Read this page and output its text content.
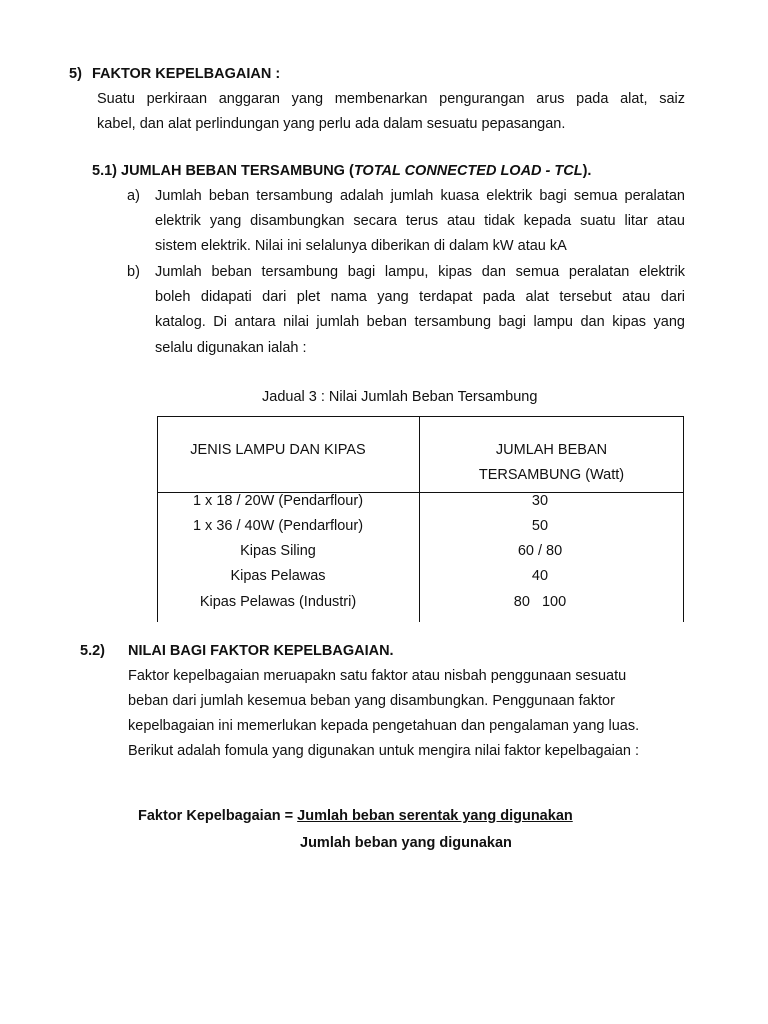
5) FAKTOR KEPELBAGAIAN :
Suatu perkiraan anggaran yang membenarkan pengurangan arus pada alat, saiz
kabel, dan alat perlindungan yang perlu ada dalam sesuatu pepasangan.
5.1) JUMLAH BEBAN TERSAMBUNG (TOTAL CONNECTED LOAD - TCL).
a) Jumlah beban tersambung adalah jumlah kuasa elektrik bagi semua peralatan
elektrik yang disambungkan secara terus atau tidak kepada suatu litar atau
sistem elektrik. Nilai ini selalunya diberikan di dalam kW atau kA
b) Jumlah beban tersambung bagi lampu, kipas dan semua peralatan elektrik
boleh didapati dari plet nama yang terdapat pada alat tersebut atau dari
katalog. Di antara nilai jumlah beban tersambung bagi lampu dan kipas yang
selalu digunakan ialah :
Jadual 3 : Nilai Jumlah Beban Tersambung
JENIS LAMPU DAN KIPAS	JUMLAH BEBAN
TERSAMBUNG (Watt)
1 x 18 / 20W (Pendarflour)	30
1 x 36 / 40W (Pendarflour)	50
Kipas Siling	60 / 80
Kipas Pelawas	40
Kipas Pelawas (Industri)	80   100
5.2) NILAI BAGI FAKTOR KEPELBAGAIAN.
Faktor kepelbagaian meruapakn satu faktor atau nisbah penggunaan sesuatu
beban dari jumlah kesemua beban yang disambungkan. Penggunaan faktor
kepelbagaian ini memerlukan kepada pengetahuan dan pengalaman yang luas.
Berikut adalah fomula yang digunakan untuk mengira nilai faktor kepelbagaian :
Faktor Kepelbagaian = Jumlah beban serentak yang digunakan
Jumlah beban yang digunakan
